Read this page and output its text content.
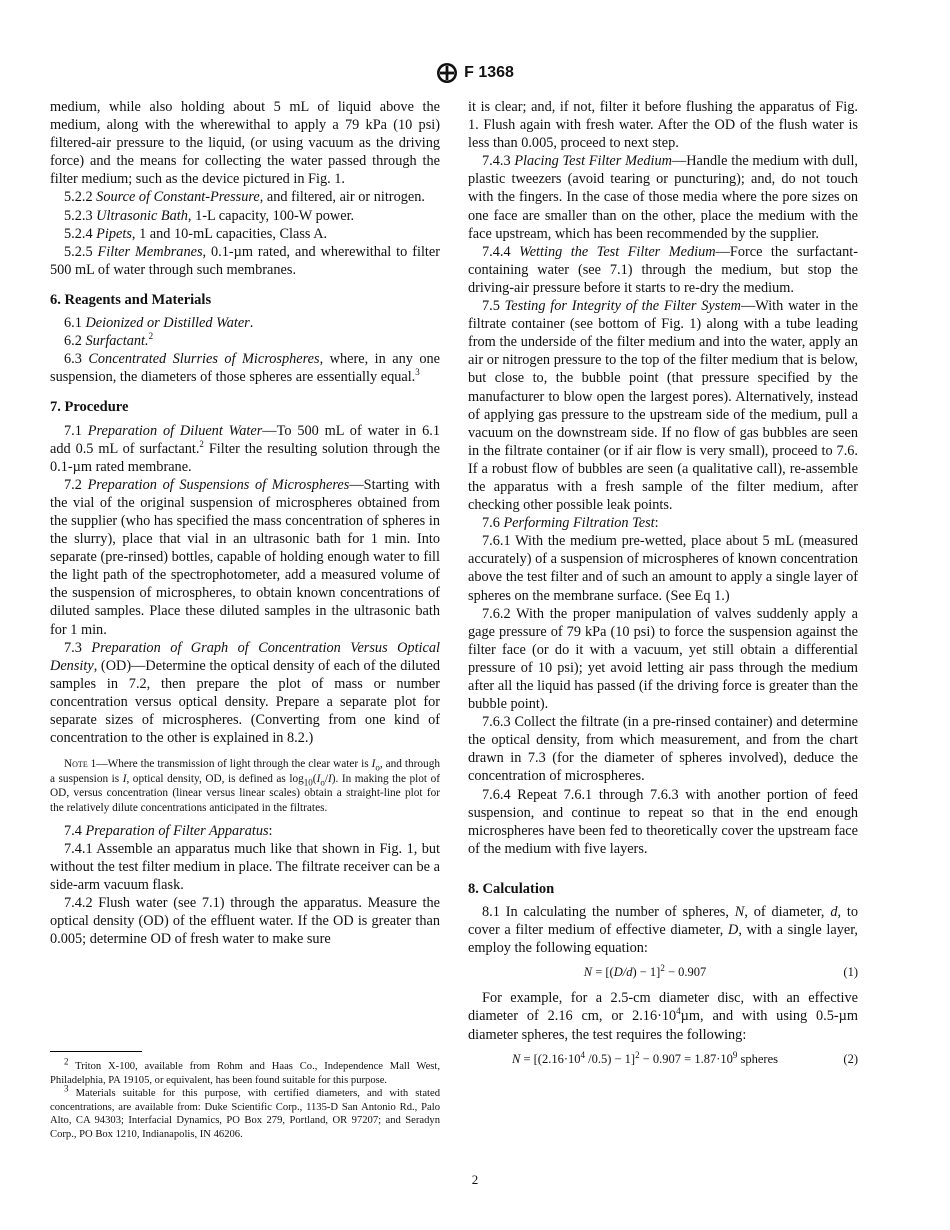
F 1368

medium, while also holding about 5 mL of liquid above the medium, along with the wherewithal to apply a 79 kPa (10 psi) filtered-air pressure to the liquid, (or using vacuum as the driving force) and the means for collecting the water passed through the filter medium; such as the device pictured in Fig. 1.

5.2.2 Source of Constant-Pressure, and filtered, air or nitrogen.

5.2.3 Ultrasonic Bath, 1-L capacity, 100-W power.

5.2.4 Pipets, 1 and 10-mL capacities, Class A.

5.2.5 Filter Membranes, 0.1-µm rated, and wherewithal to filter 500 mL of water through such membranes.

6. Reagents and Materials

6.1 Deionized or Distilled Water.

6.2 Surfactant.$^2$

6.3 Concentrated Slurries of Microspheres, where, in any one suspension, the diameters of those spheres are essentially equal.$^3$

7. Procedure

7.1 Preparation of Diluent Water—To 500 mL of water in 6.1 add 0.5 mL of surfactant.$^2$ Filter the resulting solution through the 0.1-µm rated membrane.

7.2 Preparation of Suspensions of Microspheres—Starting with the vial of the original suspension of microspheres obtained from the supplier (who has specified the mass concentration of spheres in the slurry), place that vial in an ultrasonic bath for 1 min. Into separate (pre-rinsed) bottles, capable of holding enough water to fill the light path of the spectrophotometer, add a measured volume of the suspension of microspheres, to obtain known concentrations of diluted samples. Place these diluted samples in the ultrasonic bath for 1 min.

7.3 Preparation of Graph of Concentration Versus Optical Density, (OD)—Determine the optical density of each of the diluted samples in 7.2, then prepare the plot of mass or number concentration versus optical density. Prepare a separate plot for separate sizes of microspheres. (Converting from one kind of concentration to the other is explained in 8.2.)

Note 1—Where the transmission of light through the clear water is $I_o$, and through a suspension is I, optical density, OD, is defined as $\log_{10}(I_o/I)$. In making the plot of OD, versus concentration (linear versus linear scales) obtain a straight-line plot for the relatively dilute concentrations anticipated in the filtrates.

7.4 Preparation of Filter Apparatus:

7.4.1 Assemble an apparatus much like that shown in Fig. 1, but without the test filter medium in place. The filtrate receiver can be a side-arm vacuum flask.

7.4.2 Flush water (see 7.1) through the apparatus. Measure the optical density (OD) of the effluent water. If the OD is greater than 0.005; determine OD of fresh water to make sure

$^2$ Triton X-100, available from Rohm and Haas Co., Independence Mall West, Philadelphia, PA 19105, or equivalent, has been found suitable for this purpose.

$^3$ Materials suitable for this purpose, with certified diameters, and with stated concentrations, are available from: Duke Scientific Corp., 1135-D San Antonio Rd., Palo Alto, CA 94303; Interfacial Dynamics, PO Box 279, Portland, OR 97207; and Seradyn Corp., PO Box 1210, Indianapolis, IN 46206.

it is clear; and, if not, filter it before flushing the apparatus of Fig. 1. Flush again with fresh water. After the OD of the flush water is less than 0.005, proceed to next step.

7.4.3 Placing Test Filter Medium—Handle the medium with dull, plastic tweezers (avoid tearing or puncturing); and, do not touch with the fingers. In the case of those media where the pore sizes on one face are smaller than on the other, place the medium with the face upstream, which has been recommended by the supplier.

7.4.4 Wetting the Test Filter Medium—Force the surfactant-containing water (see 7.1) through the medium, but stop the driving-air pressure before it starts to re-dry the medium.

7.5 Testing for Integrity of the Filter System—With water in the filtrate container (see bottom of Fig. 1) along with a tube leading from the underside of the filter medium and into the water, apply an air or nitrogen pressure to the top of the filter medium that is below, but close to, the bubble point (that pressure specified by the manufacturer to blow open the largest pores). Alternatively, instead of applying gas pressure to the upstream side of the medium, pull a vacuum on the downstream side. If no flow of gas bubbles are seen in the filtrate container (or if air flow is very small), proceed to 7.6. If a robust flow of bubbles are seen (a qualitative call), re-assemble the apparatus with a fresh sample of the filter medium, after checking other possible leak points.

7.6 Performing Filtration Test:

7.6.1 With the medium pre-wetted, place about 5 mL (measured accurately) of a suspension of microspheres of known concentration above the test filter and of such an amount to apply a single layer of spheres on the membrane surface. (See Eq 1.)

7.6.2 With the proper manipulation of valves suddenly apply a gage pressure of 79 kPa (10 psi) to force the suspension against the filter face (or do it with a vacuum, yet still obtain a differential pressure of 10 psi); yet avoid letting air pass through the medium after all the liquid has passed (if the driving force is greater than the bubble point).

7.6.3 Collect the filtrate (in a pre-rinsed container) and determine the optical density, from which measurement, and from the chart drawn in 7.3 (for the diameter of spheres involved), deduce the concentration of microspheres.

7.6.4 Repeat 7.6.1 through 7.6.3 with another portion of feed suspension, and continue to repeat so that in the end enough microspheres have been fed to theoretically cover the upstream face of the medium with five layers.

8. Calculation

8.1 In calculating the number of spheres, N, of diameter, d, to cover a filter medium of effective diameter, D, with a single layer, employ the following equation:

$N = [(D/d) - 1]^2 - 0.907$	(1)

For example, for a 2.5-cm diameter disc, with an effective diameter of 2.16 cm, or $2.16\cdot 10^4\mu m$, and with using 0.5-µm diameter spheres, the test requires the following:

$N = [(2.16\cdot 10^4$ $/0.5) - 1]^2 - 0.907 = 1.87\cdot 10^9$ spheres	(2)
2
